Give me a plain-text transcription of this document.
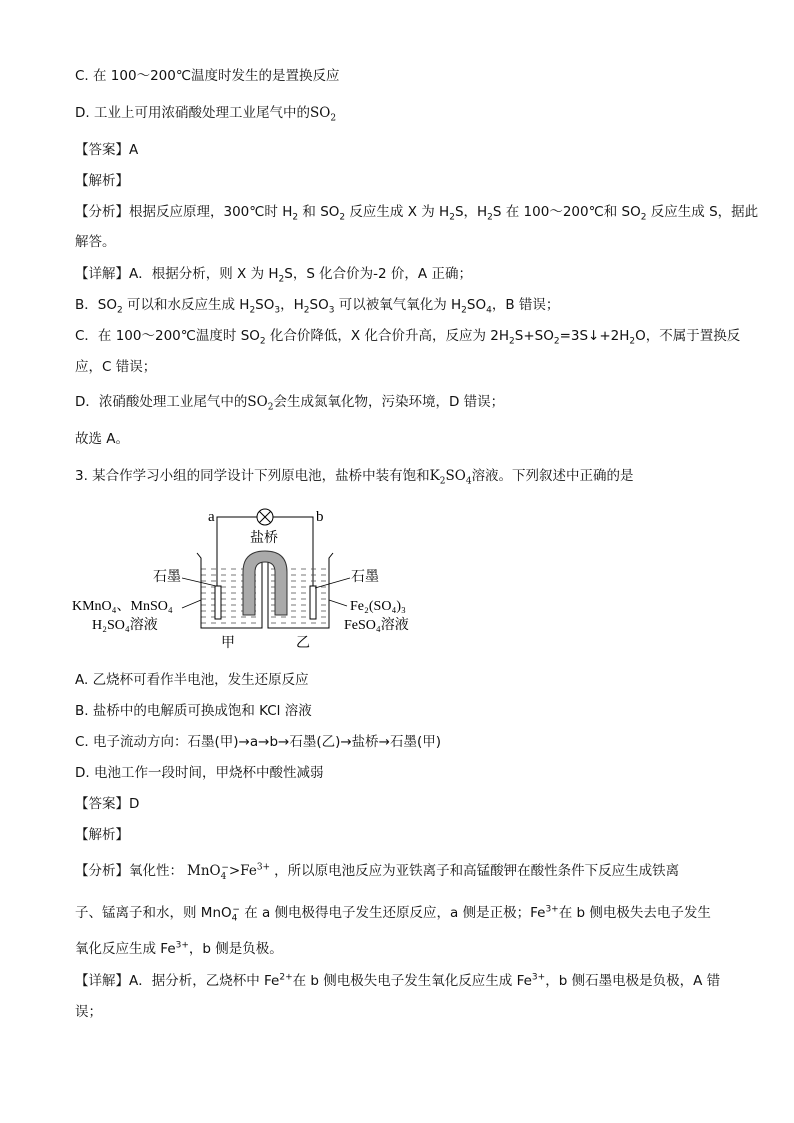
C. 在 100～200℃温度时发生的是置换反应
D. 工业上可用浓硝酸处理工业尾气中的$SO_2$
【答案】A
【解析】
【分析】根据反应原理，300℃时 $H_2$ 和 $SO_2$ 反应生成 X 为 $H_2S$，$H_2S$ 在 100～200℃和 $SO_2$ 反应生成 S，据此
解答。
【详解】A．根据分析，则 X 为 $H_2S$，S 化合价为-2 价，A 正确；
B．$SO_2$ 可以和水反应生成 $H_2SO_3$，$H_2SO_3$ 可以被氧气氧化为 $H_2SO_4$，B 错误；
C．在 100～200℃温度时 $SO_2$ 化合价降低，X 化合价升高，反应为 $2H_2S+SO_2=3S↓+2H_2O$，不属于置换反
应，C 错误；
D．浓硝酸处理工业尾气中的$SO_2$会生成氮氧化物，污染环境，D 错误；
故选 A。
3. 某合作学习小组的同学设计下列原电池，盐桥中装有饱和$K_2SO_4$溶液。下列叙述中正确的是
a	b
盐桥
石墨	石墨
KMnO₄、MnSO₄
H₂SO₄溶液
Fe₂(SO₄)₃
FeSO₄溶液
甲	乙
A. 乙烧杯可看作半电池，发生还原反应
B. 盐桥中的电解质可换成饱和 KCl 溶液
C. 电子流动方向：石墨(甲)→a→b→石墨(乙)→盐桥→石墨(甲)
D. 电池工作一段时间，甲烧杯中酸性减弱
【答案】D
【解析】
【分析】氧化性： $MnO_4^->Fe^{3+}$ ，所以原电池反应为亚铁离子和高锰酸钾在酸性条件下反应生成铁离
子、锰离子和水，则 MnO$_4$− 在 a 侧电极得电子发生还原反应，a 侧是正极；$Fe^{3+}$在 b 侧电极失去电子发生
氧化反应生成 $Fe^{3+}$，b 侧是负极。
【详解】A．据分析，乙烧杯中 $Fe^{2+}$在 b 侧电极失电子发生氧化反应生成 $Fe^{3+}$，b 侧石墨电极是负极，A 错
误；
